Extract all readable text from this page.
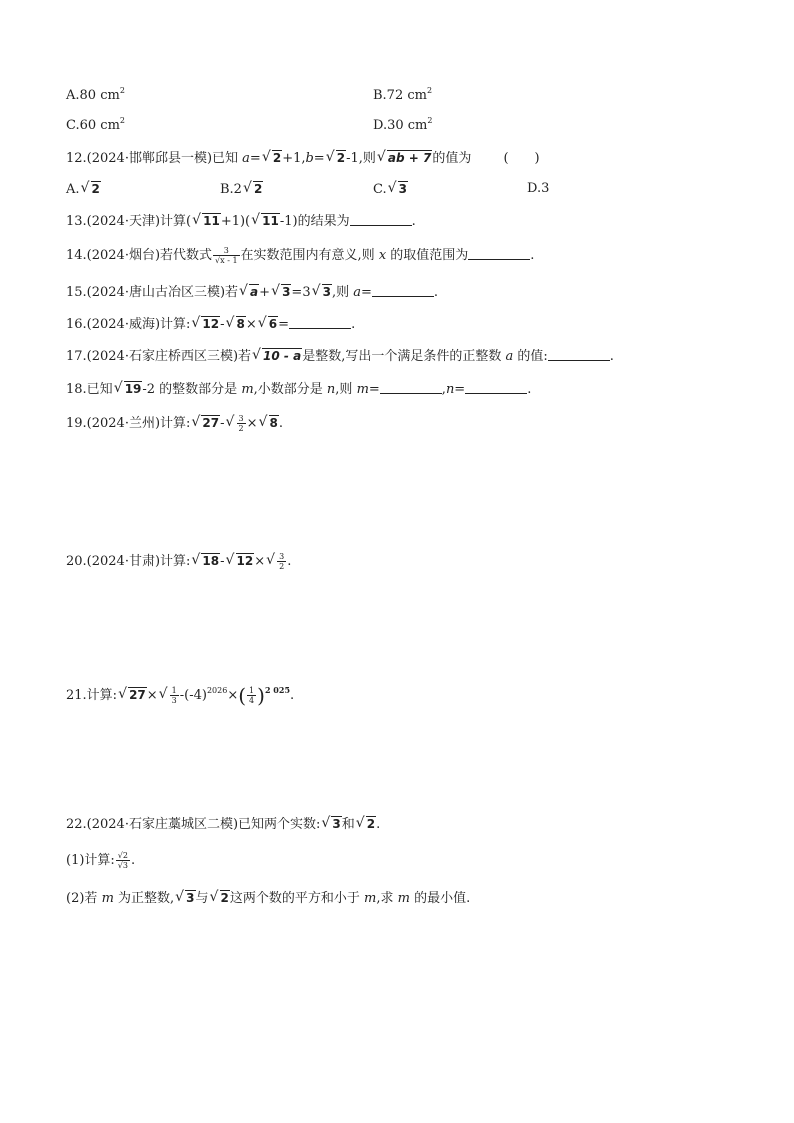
A.80 $cm^2$	B.72 $cm^2$
C.60 $cm^2$	D.30 $cm^2$
12.(2024·邯郸邱县一模)已知 a= √ 2+1,b= √ 2-1,则 √ ab + 7的值为 (　　)
A. √ 2	B.2 √ 2	C. √ 3	D.3
13.(2024·天津)计算( √ 11+1)( √ 11-1)的结果为	.
14.(2024·烟台)若代数式 $\frac{3}{√x - 1}$ 在实数范围内有意义,则 x 的取值范围为	.
15.(2024·唐山古冶区三模)若 √ a+ √ 3=3 √ 3,则 a=	.
16.(2024·威海)计算: √ 12- √ 8× √ 6=	.
17.(2024·石家庄桥西区三模)若 √ 10 - a是整数,写出一个满足条件的正整数 a 的值:	.
18.已知 √ 19-2 的整数部分是 m,小数部分是 n,则 m=	,n=	.
19.(2024·兰州)计算: √ 27- √ $\frac{3}{2}$ × √ 8.
20.(2024·甘肃)计算: √ 18- √ 12× √ $\frac{3}{2}$ .
21.计算: √ 27× √ $\frac{1}{3} -(-4)^{2026}\times( \frac{1}{4} )^{2 025}$.
22.(2024·石家庄藁城区二模)已知两个实数: √ 3和 √ 2.
(1)计算: $\frac{√2}{√3}$ .
(2)若 m 为正整数, √ 3与 √ 2这两个数的平方和小于 m,求 m 的最小值.
